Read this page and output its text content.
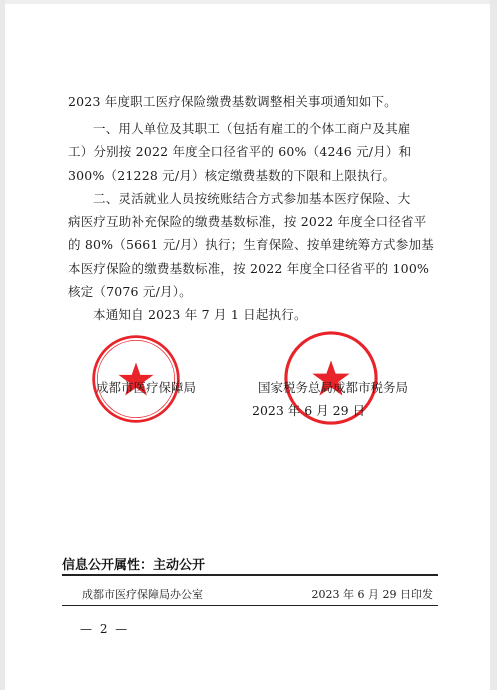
2023 年度职工医疗保险缴费基数调整相关事项通知如下。
一、用人单位及其职工（包括有雇工的个体工商户及其雇
工）分别按 2022 年度全口径省平的 60%（4246 元/月）和
300%（21228 元/月）核定缴费基数的下限和上限执行。
二、灵活就业人员按统账结合方式参加基本医疗保险、大
病医疗互助补充保险的缴费基数标准，按 2022 年度全口径省平
的 80%（5661 元/月）执行；生育保险、按单建统筹方式参加基
本医疗保险的缴费基数标准，按 2022 年度全口径省平的 100%
核定（7076 元/月）。
本通知自 2023 年 7 月 1 日起执行。
成都市医疗保障局	国家税务总局成都市税务局
2023 年 6 月 29 日
信息公开属性：主动公开
成都市医疗保障局办公室	2023 年 6 月 29 日印发
— 2 —
